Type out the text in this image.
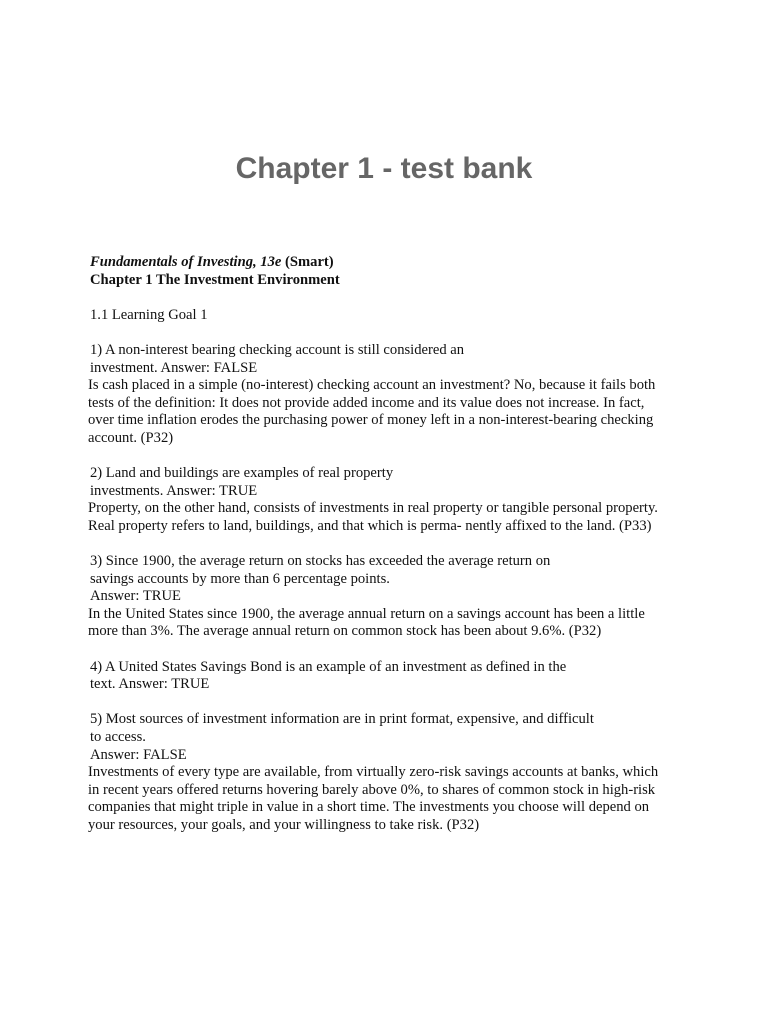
Chapter 1 - test bank
Fundamentals of Investing, 13e (Smart)
Chapter 1 The Investment Environment
1.1 Learning Goal 1
1) A non-interest bearing checking account is still considered an
investment. Answer: FALSE
Is cash placed in a simple (no-interest) checking account an investment? No, because it fails both
tests of the definition: It does not provide added income and its value does not increase. In fact,
over time inflation erodes the purchasing power of money left in a non-interest-bearing checking
account. (P32)
2) Land and buildings are examples of real property
investments. Answer: TRUE
Property, on the other hand, consists of investments in real property or tangible personal property.
Real property refers to land, buildings, and that which is perma- nently affixed to the land. (P33)
3) Since 1900, the average return on stocks has exceeded the average return on
savings accounts by more than 6 percentage points.
Answer: TRUE
In the United States since 1900, the average annual return on a savings account has been a little
more than 3%. The average annual return on common stock has been about 9.6%. (P32)
4) A United States Savings Bond is an example of an investment as defined in the
text. Answer: TRUE
5) Most sources of investment information are in print format, expensive, and difficult
to access.
Answer: FALSE
Investments of every type are available, from virtually zero-risk savings accounts at banks, which
in recent years offered returns hovering barely above 0%, to shares of common stock in high-risk
companies that might triple in value in a short time. The investments you choose will depend on
your resources, your goals, and your willingness to take risk. (P32)
